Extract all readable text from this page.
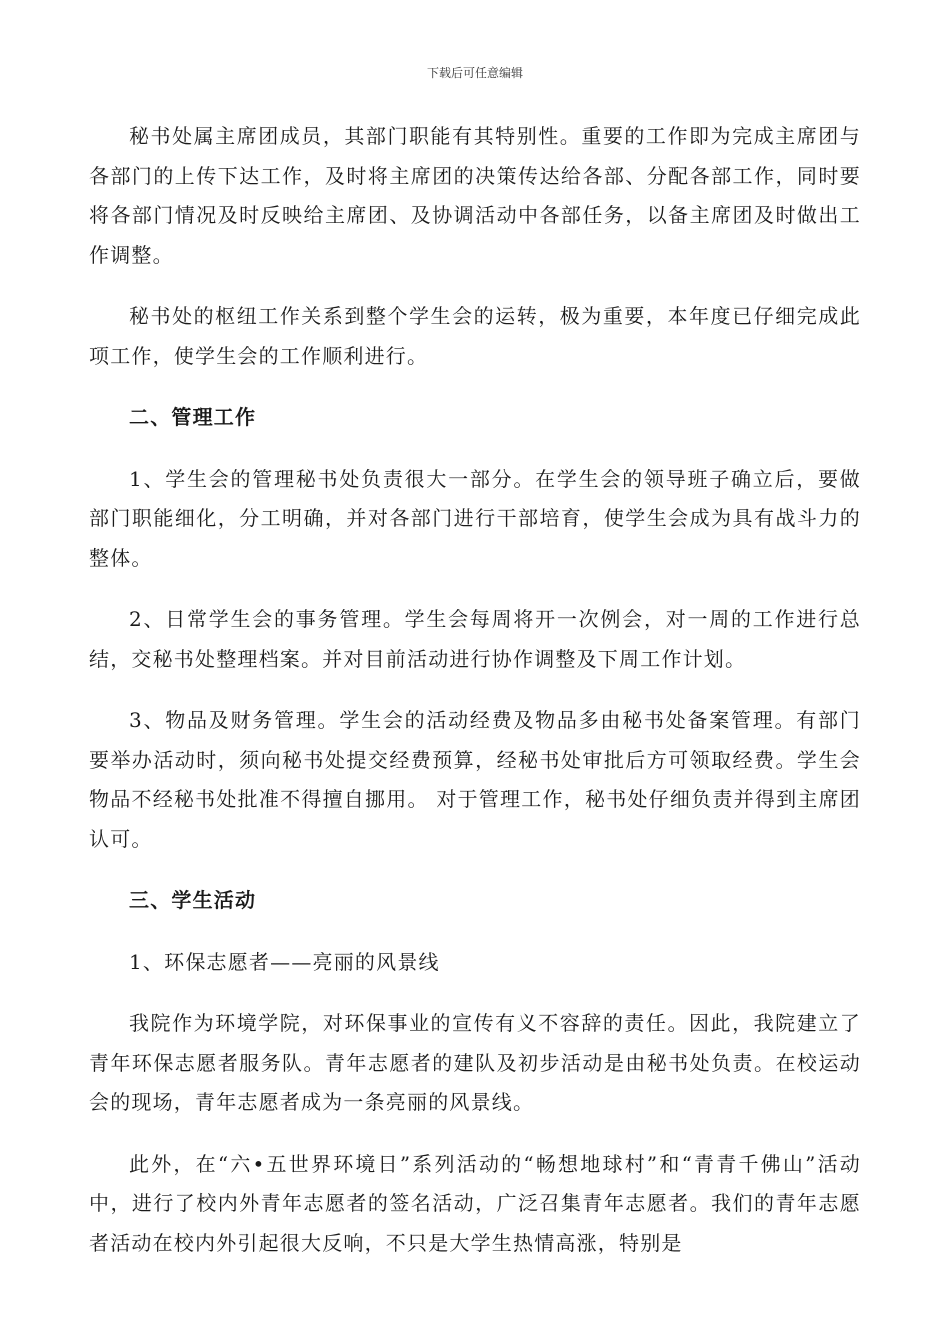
下载后可任意编辑

秘书处属主席团成员，其部门职能有其特别性。重要的工作即为完成主席团与各部门的上传下达工作，及时将主席团的决策传达给各部、分配各部工作，同时要将各部门情况及时反映给主席团、及协调活动中各部任务，以备主席团及时做出工作调整。

秘书处的枢纽工作关系到整个学生会的运转，极为重要，本年度已仔细完成此项工作，使学生会的工作顺利进行。

二、管理工作

1、学生会的管理秘书处负责很大一部分。在学生会的领导班子确立后，要做部门职能细化，分工明确，并对各部门进行干部培育，使学生会成为具有战斗力的整体。

2、日常学生会的事务管理。学生会每周将开一次例会，对一周的工作进行总结，交秘书处整理档案。并对目前活动进行协作调整及下周工作计划。

3、物品及财务管理。学生会的活动经费及物品多由秘书处备案管理。有部门要举办活动时，须向秘书处提交经费预算，经秘书处审批后方可领取经费。学生会物品不经秘书处批准不得擅自挪用。 对于管理工作，秘书处仔细负责并得到主席团认可。

三、学生活动

1、环保志愿者——亮丽的风景线

我院作为环境学院，对环保事业的宣传有义不容辞的责任。因此，我院建立了青年环保志愿者服务队。青年志愿者的建队及初步活动是由秘书处负责。在校运动会的现场，青年志愿者成为一条亮丽的风景线。

此外，在“六•五世界环境日”系列活动的“畅想地球村”和“青青千佛山”活动中，进行了校内外青年志愿者的签名活动，广泛召集青年志愿者。我们的青年志愿者活动在校内外引起很大反响，不只是大学生热情高涨，特别是
